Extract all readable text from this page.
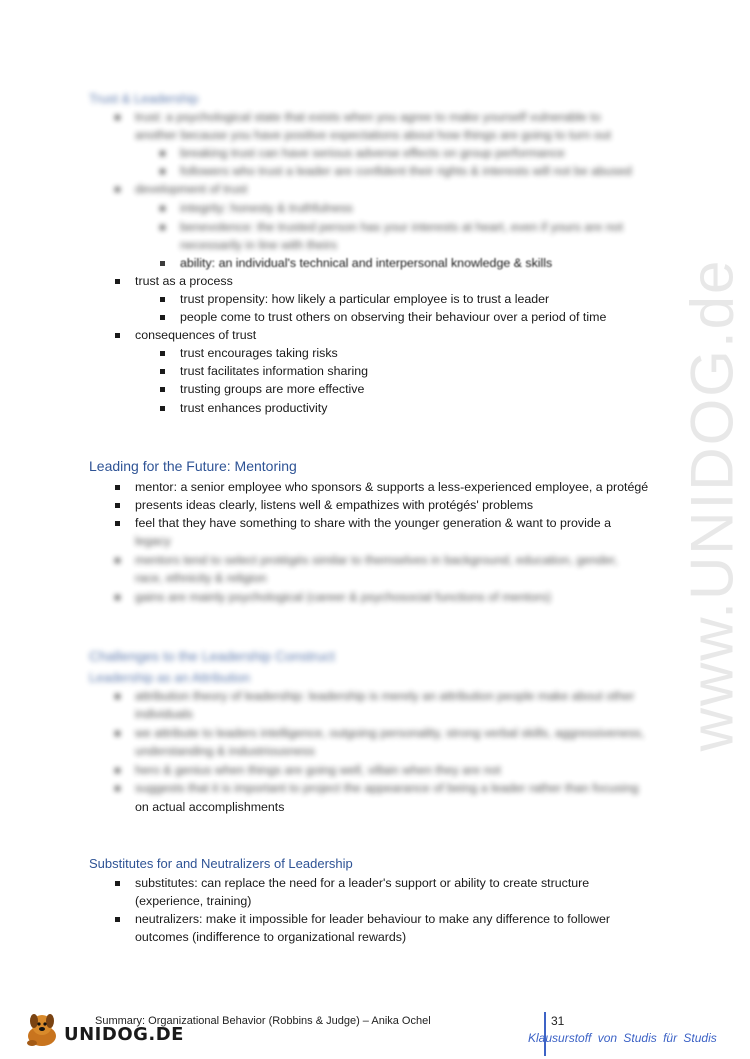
www.UNIDOG.de
Trust & Leadership
trust: a psychological state that exists when you agree to make yourself vulnerable to
another because you have positive expectations about how things are going to turn out
breaking trust can have serious adverse effects on group performance
followers who trust a leader are confident their rights & interests will not be abused
development of trust
integrity: honesty & truthfulness
benevolence: the trusted person has your interests at heart, even if yours are not
necessarily in line with theirs
ability: an individual's technical and interpersonal knowledge & skills
trust as a process
trust propensity: how likely a particular employee is to trust a leader
people come to trust others on observing their behaviour over a period of time
consequences of trust
trust encourages taking risks
trust facilitates information sharing
trusting groups are more effective
trust enhances productivity
Leading for the Future: Mentoring
mentor: a senior employee who sponsors & supports a less-experienced employee, a protégé
presents ideas clearly, listens well & empathizes with protégés' problems
feel that they have something to share with the younger generation & want to provide a
legacy
mentors tend to select protégés similar to themselves in background, education, gender,
race, ethnicity & religion
gains are mainly psychological (career & psychosocial functions of mentors)
Challenges to the Leadership Construct
Leadership as an Attribution
attribution theory of leadership: leadership is merely an attribution people make about other
individuals
we attribute to leaders intelligence, outgoing personality, strong verbal skills, aggressiveness,
understanding & industriousness
hero & genius when things are going well, villain when they are not
suggests that it is important to project the appearance of being a leader rather than focusing
on actual accomplishments
Substitutes for and Neutralizers of Leadership
substitutes: can replace the need for a leader's support or ability to create structure
(experience, training)
neutralizers: make it impossible for leader behaviour to make any difference to follower
outcomes (indifference to organizational rewards)
UNIDOG.DE
Summary: Organizational Behavior (Robbins & Judge) – Anika Ochel	31
Klausurstoff von Studis für Studis
